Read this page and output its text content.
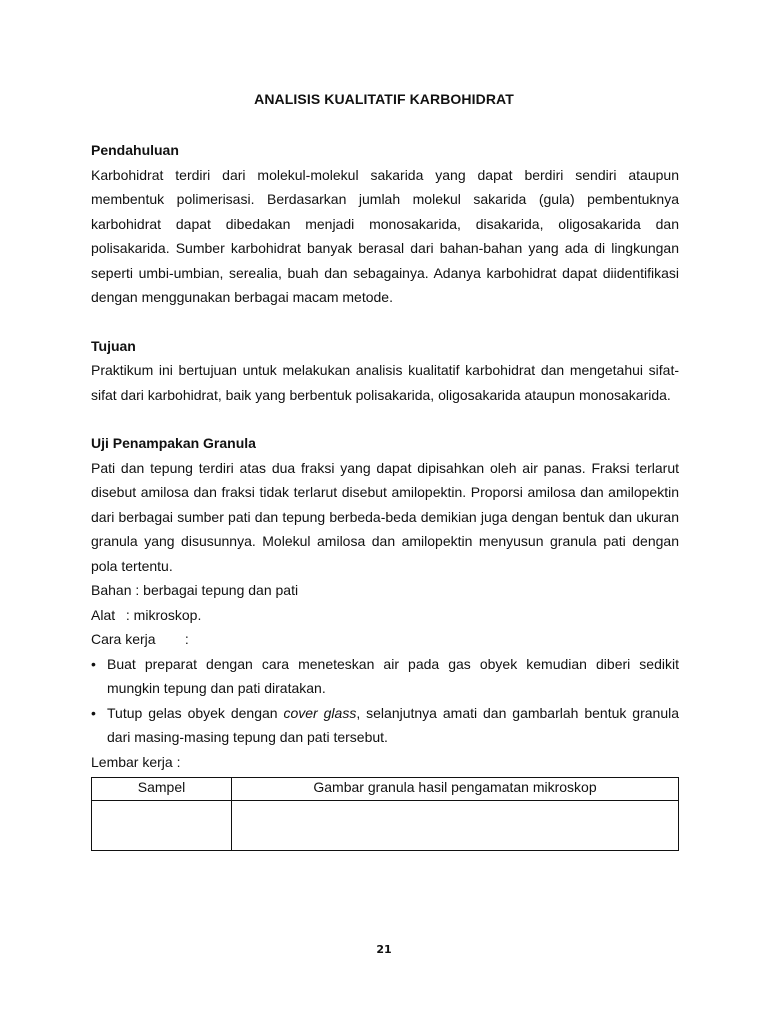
ANALISIS KUALITATIF KARBOHIDRAT

Pendahuluan

Karbohidrat terdiri dari molekul-molekul sakarida yang dapat berdiri sendiri ataupun membentuk polimerisasi. Berdasarkan jumlah molekul sakarida (gula) pembentuknya karbohidrat dapat dibedakan menjadi monosakarida, disakarida, oligosakarida dan polisakarida. Sumber karbohidrat banyak berasal dari bahan-bahan yang ada di lingkungan seperti umbi-umbian, serealia, buah dan sebagainya. Adanya karbohidrat dapat diidentifikasi dengan menggunakan berbagai macam metode.

Tujuan

Praktikum ini bertujuan untuk melakukan analisis kualitatif karbohidrat dan mengetahui sifat-sifat dari karbohidrat, baik yang berbentuk polisakarida, oligosakarida ataupun monosakarida.

Uji Penampakan Granula

Pati dan tepung terdiri atas dua fraksi yang dapat dipisahkan oleh air panas. Fraksi terlarut disebut amilosa dan fraksi tidak terlarut disebut amilopektin. Proporsi amilosa dan amilopektin dari berbagai sumber pati dan tepung berbeda-beda demikian juga dengan bentuk dan ukuran granula yang disusunnya. Molekul amilosa dan amilopektin menyusun granula pati dengan pola tertentu.

Bahan : berbagai tepung dan pati

Alat : mikroskop.

Cara kerja :

• Buat preparat dengan cara meneteskan air pada gas obyek kemudian diberi sedikit mungkin tepung dan pati diratakan.
• Tutup gelas obyek dengan cover glass, selanjutnya amati dan gambarlah bentuk granula dari masing-masing tepung dan pati tersebut.

Lembar kerja :

Sampel	Gambar granula hasil pengamatan mikroskop

21
